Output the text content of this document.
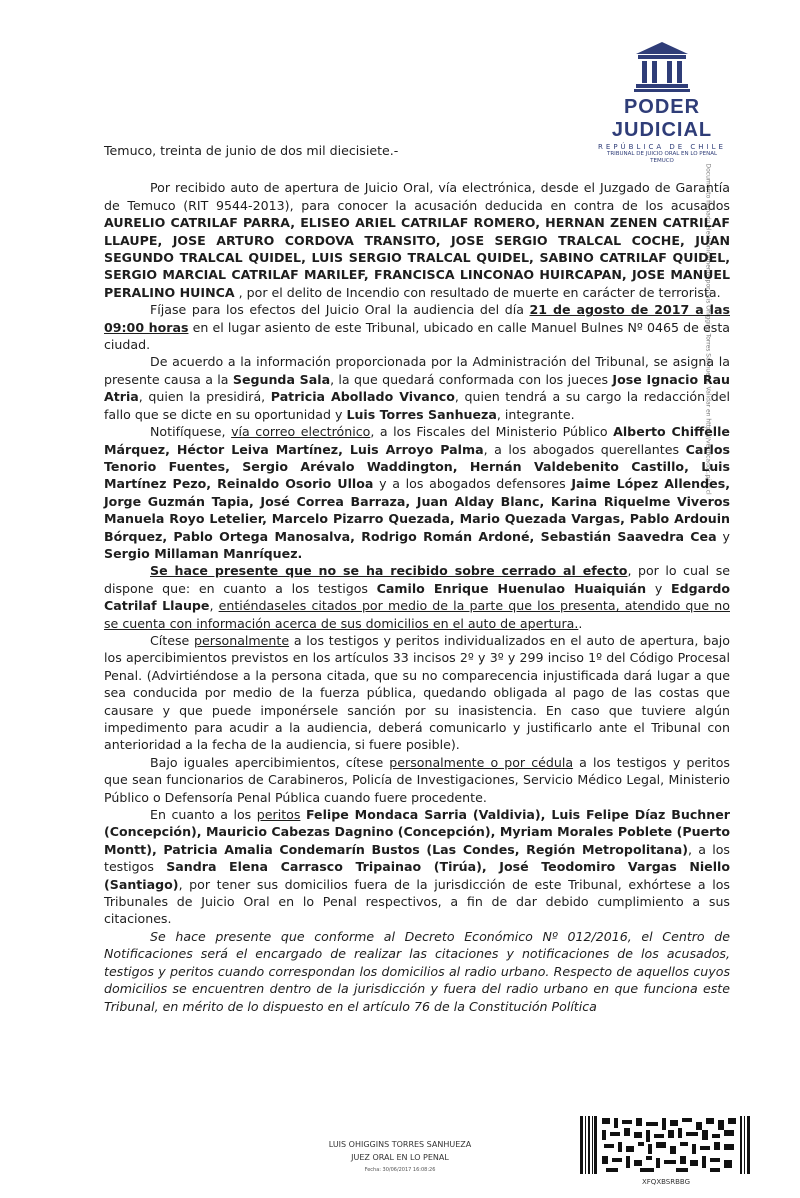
PODER JUDICIAL
REPÚBLICA DE CHILE
TRIBUNAL DE JUICIO ORAL EN LO PENAL
TEMUCO
Documento firmado electrónicamente por Luis Ohiggins Torres Sanhueza. Validar en https://verificadoc.pjud.cl

Temuco, treinta de junio de dos mil diecisiete.-

Por recibido auto de apertura de Juicio Oral, vía electrónica, desde el Juzgado de Garantía de Temuco (RIT 9544-2013), para conocer la acusación deducida en contra de los acusados AURELIO CATRILAF PARRA, ELISEO ARIEL CATRILAF ROMERO, HERNAN ZENEN CATRILAF LLAUPE, JOSE ARTURO CORDOVA TRANSITO, JOSE SERGIO TRALCAL COCHE, JUAN SEGUNDO TRALCAL QUIDEL, LUIS SERGIO TRALCAL QUIDEL, SABINO CATRILAF QUIDEL, SERGIO MARCIAL CATRILAF MARILEF, FRANCISCA LINCONAO HUIRCAPAN, JOSE MANUEL PERALINO HUINCA , por el delito de Incendio con resultado de muerte en carácter de terrorista.

Fíjase para los efectos del Juicio Oral la audiencia del día 21 de agosto de 2017 a las 09:00 horas en el lugar asiento de este Tribunal, ubicado en calle Manuel Bulnes Nº 0465 de esta ciudad.

De acuerdo a la información proporcionada por la Administración del Tribunal, se asigna la presente causa a la Segunda Sala, la que quedará conformada con los jueces Jose Ignacio Rau Atria, quien la presidirá, Patricia Abollado Vivanco, quien tendrá a su cargo la redacción del fallo que se dicte en su oportunidad y Luis Torres Sanhueza, integrante.

Notifíquese, vía correo electrónico, a los Fiscales del Ministerio Público Alberto Chiffelle Márquez, Héctor Leiva Martínez, Luis Arroyo Palma, a los abogados querellantes Carlos Tenorio Fuentes, Sergio Arévalo Waddington, Hernán Valdebenito Castillo, Luis Martínez Pezo, Reinaldo Osorio Ulloa y a los abogados defensores Jaime López Allendes, Jorge Guzmán Tapia, José Correa Barraza, Juan Alday Blanc, Karina Riquelme Viveros Manuela Royo Letelier, Marcelo Pizarro Quezada, Mario Quezada Vargas, Pablo Ardouin Bórquez, Pablo Ortega Manosalva, Rodrigo Román Ardoné, Sebastián Saavedra Cea y Sergio Millaman Manríquez.

Se hace presente que no se ha recibido sobre cerrado al efecto, por lo cual se dispone que: en cuanto a los testigos Camilo Enrique Huenulao Huaiquián y Edgardo Catrilaf Llaupe, entiéndaseles citados por medio de la parte que los presenta, atendido que no se cuenta con información acerca de sus domicilios en el auto de apertura..

Cítese personalmente a los testigos y peritos individualizados en el auto de apertura, bajo los apercibimientos previstos en los artículos 33 incisos 2º y 3º y 299 inciso 1º del Código Procesal Penal. (Advirtiéndose a la persona citada, que su no comparecencia injustificada dará lugar a que sea conducida por medio de la fuerza pública, quedando obligada al pago de las costas que causare y que puede imponérsele sanción por su inasistencia. En caso que tuviere algún impedimento para acudir a la audiencia, deberá comunicarlo y justificarlo ante el Tribunal con anterioridad a la fecha de la audiencia, si fuere posible).

Bajo iguales apercibimientos, cítese personalmente o por cédula a los testigos y peritos que sean funcionarios de Carabineros, Policía de Investigaciones, Servicio Médico Legal, Ministerio Público o Defensoría Penal Pública cuando fuere procedente.

En cuanto a los peritos Felipe Mondaca Sarria (Valdivia), Luis Felipe Díaz Buchner (Concepción), Mauricio Cabezas Dagnino (Concepción), Myriam Morales Poblete (Puerto Montt), Patricia Amalia Condemarín Bustos (Las Condes, Región Metropolitana), a los testigos Sandra Elena Carrasco Tripainao (Tirúa), José Teodomiro Vargas Niello (Santiago), por tener sus domicilios fuera de la jurisdicción de este Tribunal, exhórtese a los Tribunales de Juicio Oral en lo Penal respectivos, a fin de dar debido cumplimiento a sus citaciones.

Se hace presente que conforme al Decreto Económico Nº 012/2016, el Centro de Notificaciones será el encargado de realizar las citaciones y notificaciones de los acusados, testigos y peritos cuando correspondan los domicilios al radio urbano. Respecto de aquellos cuyos domicilios se encuentren dentro de la jurisdicción y fuera del radio urbano en que funciona este Tribunal, en mérito de lo dispuesto en el artículo 76 de la Constitución Política

LUIS OHIGGINS TORRES SANHUEZA
JUEZ ORAL EN LO PENAL
Fecha: 30/06/2017 16:08:26
XFQXBSRBBG
